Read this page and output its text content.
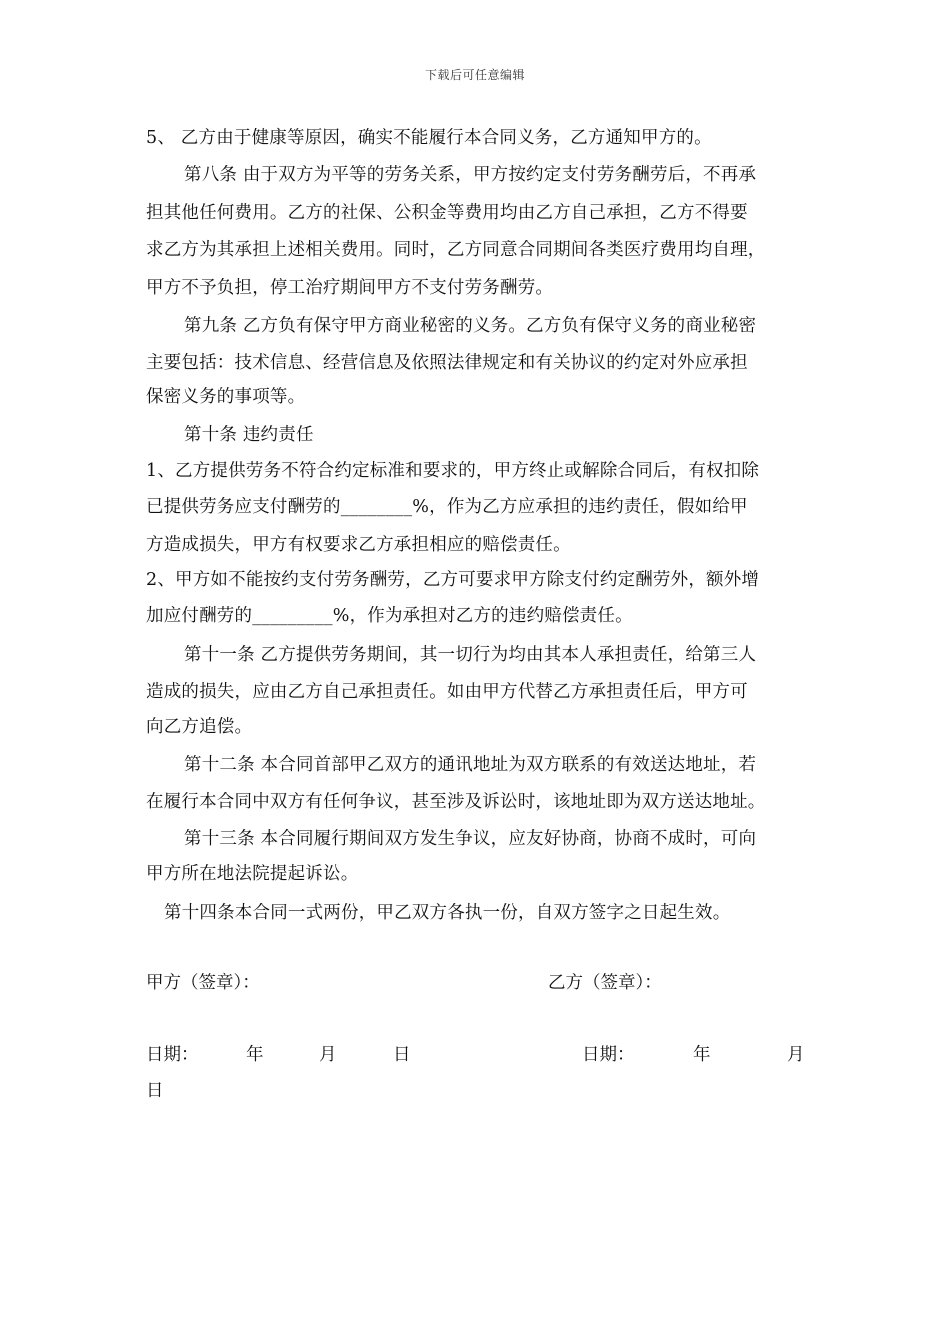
下载后可任意编辑
5、 乙方由于健康等原因，确实不能履行本合同义务，乙方通知甲方的。
第八条 由于双方为平等的劳务关系，甲方按约定支付劳务酬劳后，不再承
担其他任何费用。乙方的社保、公积金等费用均由乙方自己承担，乙方不得要
求乙方为其承担上述相关费用。同时，乙方同意合同期间各类医疗费用均自理，
甲方不予负担，停工治疗期间甲方不支付劳务酬劳。
第九条 乙方负有保守甲方商业秘密的义务。乙方负有保守义务的商业秘密
主要包括：技术信息、经营信息及依照法律规定和有关协议的约定对外应承担
保密义务的事项等。
第十条 违约责任
1、乙方提供劳务不符合约定标准和要求的，甲方终止或解除合同后，有权扣除
已提供劳务应支付酬劳的________%，作为乙方应承担的违约责任，假如给甲
方造成损失，甲方有权要求乙方承担相应的赔偿责任。
2、甲方如不能按约支付劳务酬劳，乙方可要求甲方除支付约定酬劳外，额外增
加应付酬劳的_________%，作为承担对乙方的违约赔偿责任。
第十一条 乙方提供劳务期间，其一切行为均由其本人承担责任，给第三人
造成的损失，应由乙方自己承担责任。如由甲方代替乙方承担责任后，甲方可
向乙方追偿。
第十二条 本合同首部甲乙双方的通讯地址为双方联系的有效送达地址，若
在履行本合同中双方有任何争议，甚至涉及诉讼时，该地址即为双方送达地址。
第十三条 本合同履行期间双方发生争议，应友好协商，协商不成时，可向
甲方所在地法院提起诉讼。
第十四条本合同一式两份，甲乙双方各执一份，自双方签字之日起生效。
甲方（签章）：	乙方（签章）：
日期：	年	月	日	日期：	年	月
日
